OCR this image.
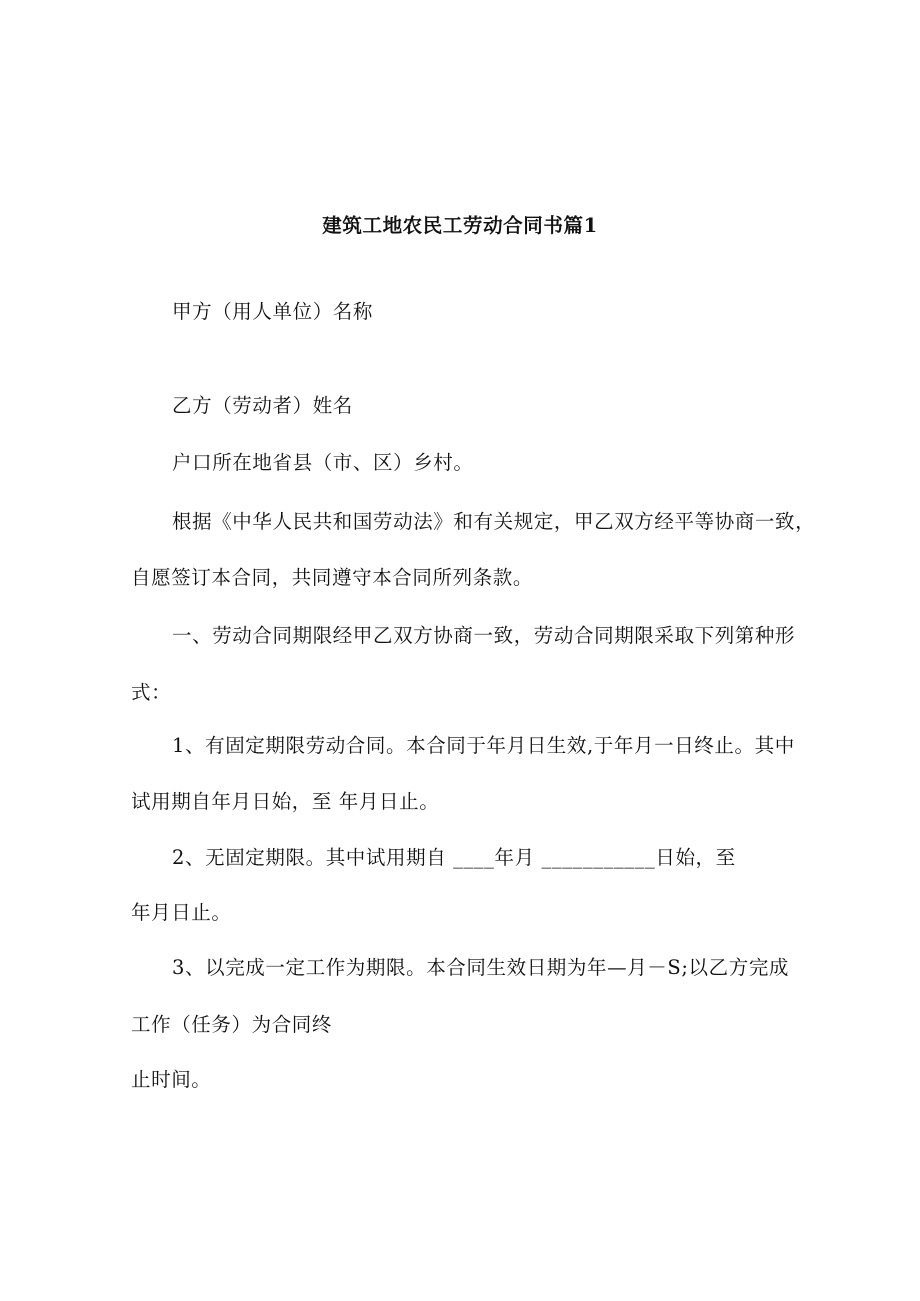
建筑工地农民工劳动合同书篇1

甲方（用人单位）名称

乙方（劳动者）姓名

户口所在地省县（市、区）乡村。

根据《中华人民共和国劳动法》和有关规定，甲乙双方经平等协商一致，

自愿签订本合同，共同遵守本合同所列条款。

一、劳动合同期限经甲乙双方协商一致，劳动合同期限采取下列第种形

式：

1、有固定期限劳动合同。本合同于年月日生效,于年月一日终止。其中

试用期自年月日始，至 年月日止。

2、无固定期限。其中试用期自 ____年月 ___________日始，至

年月日止。

3、以完成一定工作为期限。本合同生效日期为年—月－S;以乙方完成

工作（任务）为合同终

止时间。
